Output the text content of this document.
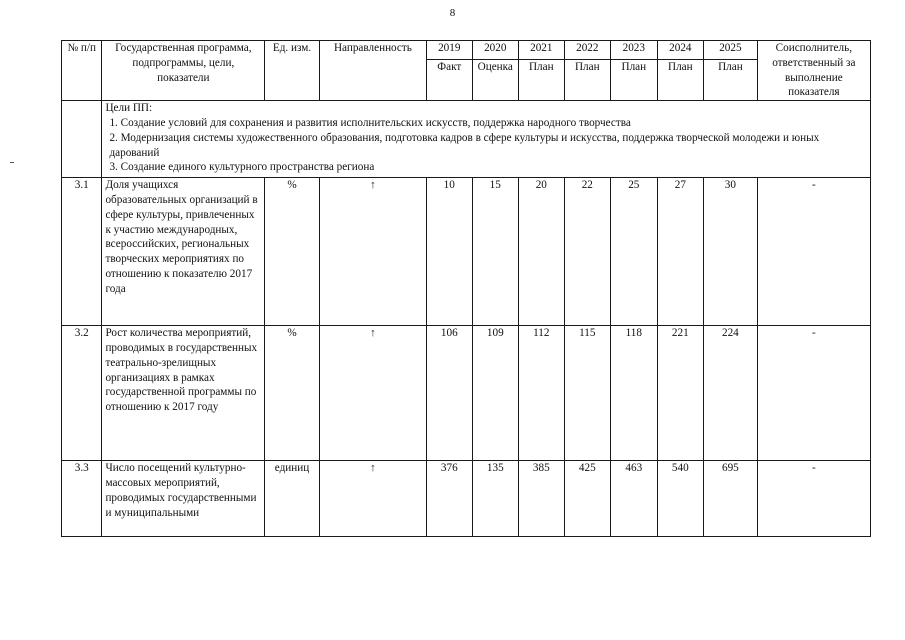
8
№ п/п	Государственная программа, подпрограммы, цели, показатели	Ед. изм.	Направленность	2019	2020	2021	2022	2023	2024	2025	Соисполнитель, ответственный за выполнение показателя
				Факт	Оценка	План	План	План	План	План	

	Цели ПП:
1. Создание условий для сохранения и развития исполнительских искусств, поддержка народного творчества
2. Модернизация системы художественного образования, подготовка кадров в сфере культуры и искусства, поддержка творческой молодежи и юных дарований
3. Создание единого культурного пространства региона										

3.1	Доля учащихся образовательных организаций в сфере культуры, привлеченных к участию международных, всероссийских, региональных творческих мероприятиях по отношению к показателю 2017 года	%	↑	10	15	20	22	25	27	30	-
3.2	Рост количества мероприятий, проводимых в государственных театрально-зрелищных организациях в рамках государственной программы по отношению к 2017 году	%	↑	106	109	112	115	118	221	224	-
3.3	Число посещений культурно-массовых мероприятий, проводимых государственными и муниципальными	единиц	↑	376	135	385	425	463	540	695	-
